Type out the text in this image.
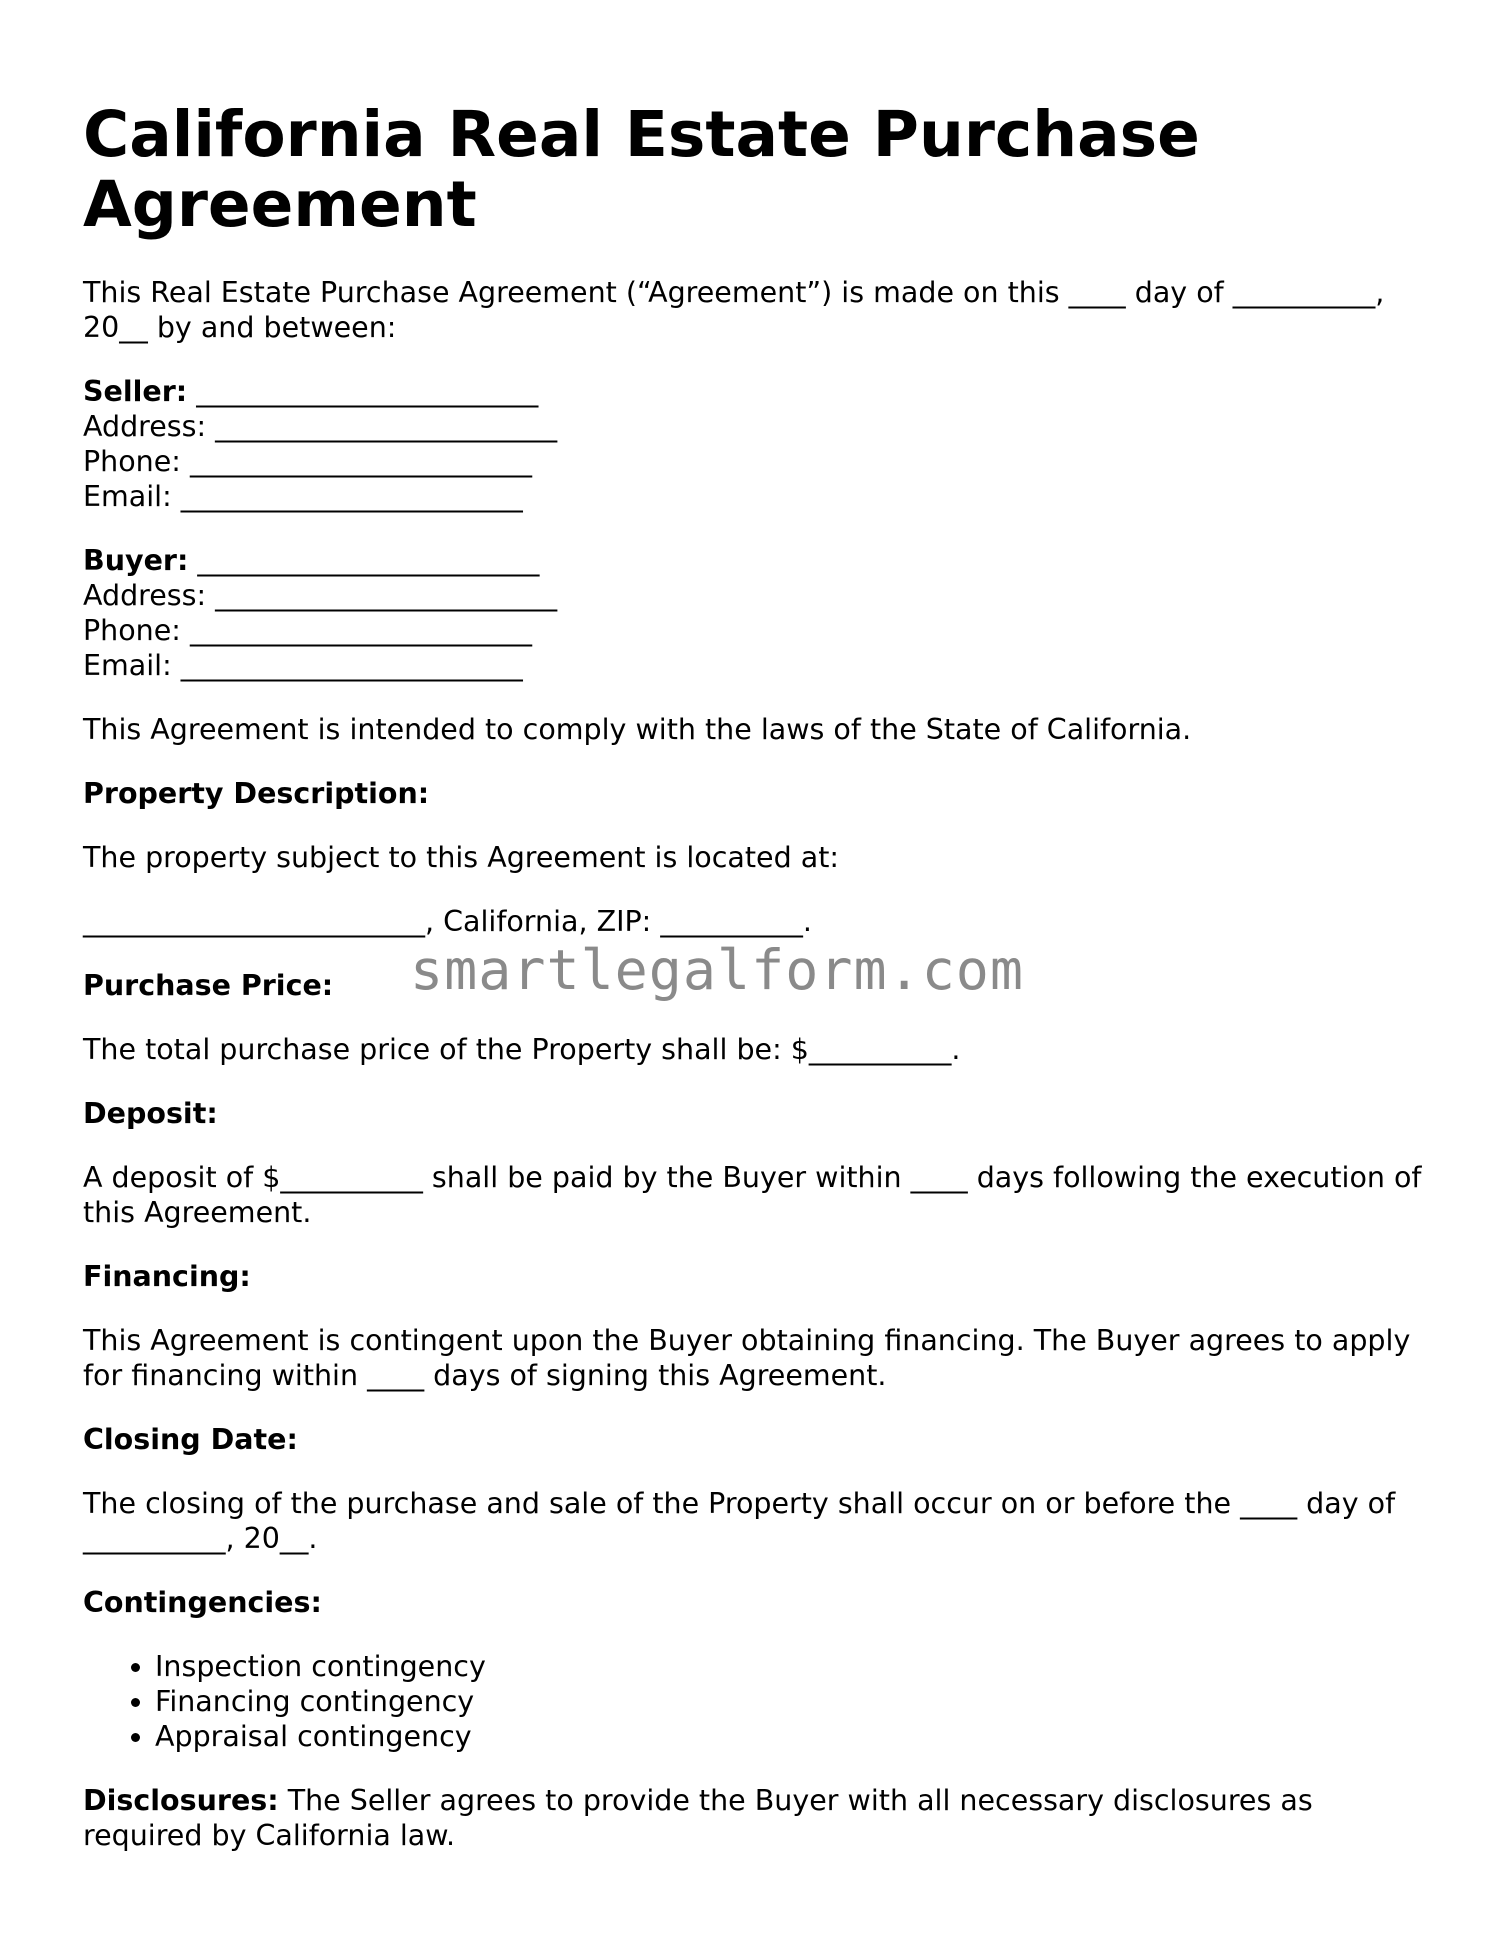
California Real Estate Purchase Agreement

This Real Estate Purchase Agreement (“Agreement”) is made on this ____ day of __________, 20__ by and between:

Seller: ________________________

Address: ________________________

Phone: ________________________

Email: ________________________

Buyer: ________________________

Address: ________________________

Phone: ________________________

Email: ________________________

This Agreement is intended to comply with the laws of the State of California.

Property Description:

The property subject to this Agreement is located at:

________________________, California, ZIP: __________.

Purchase Price:

The total purchase price of the Property shall be: $__________.

Deposit:

A deposit of $__________ shall be paid by the Buyer within ____ days following the execution of this Agreement.

Financing:

This Agreement is contingent upon the Buyer obtaining financing. The Buyer agrees to apply for financing within ____ days of signing this Agreement.

Closing Date:

The closing of the purchase and sale of the Property shall occur on or before the ____ day of __________, 20__.

Contingencies:

• Inspection contingency
• Financing contingency
• Appraisal contingency

Disclosures: The Seller agrees to provide the Buyer with all necessary disclosures as required by California law.

smartlegalform.com
